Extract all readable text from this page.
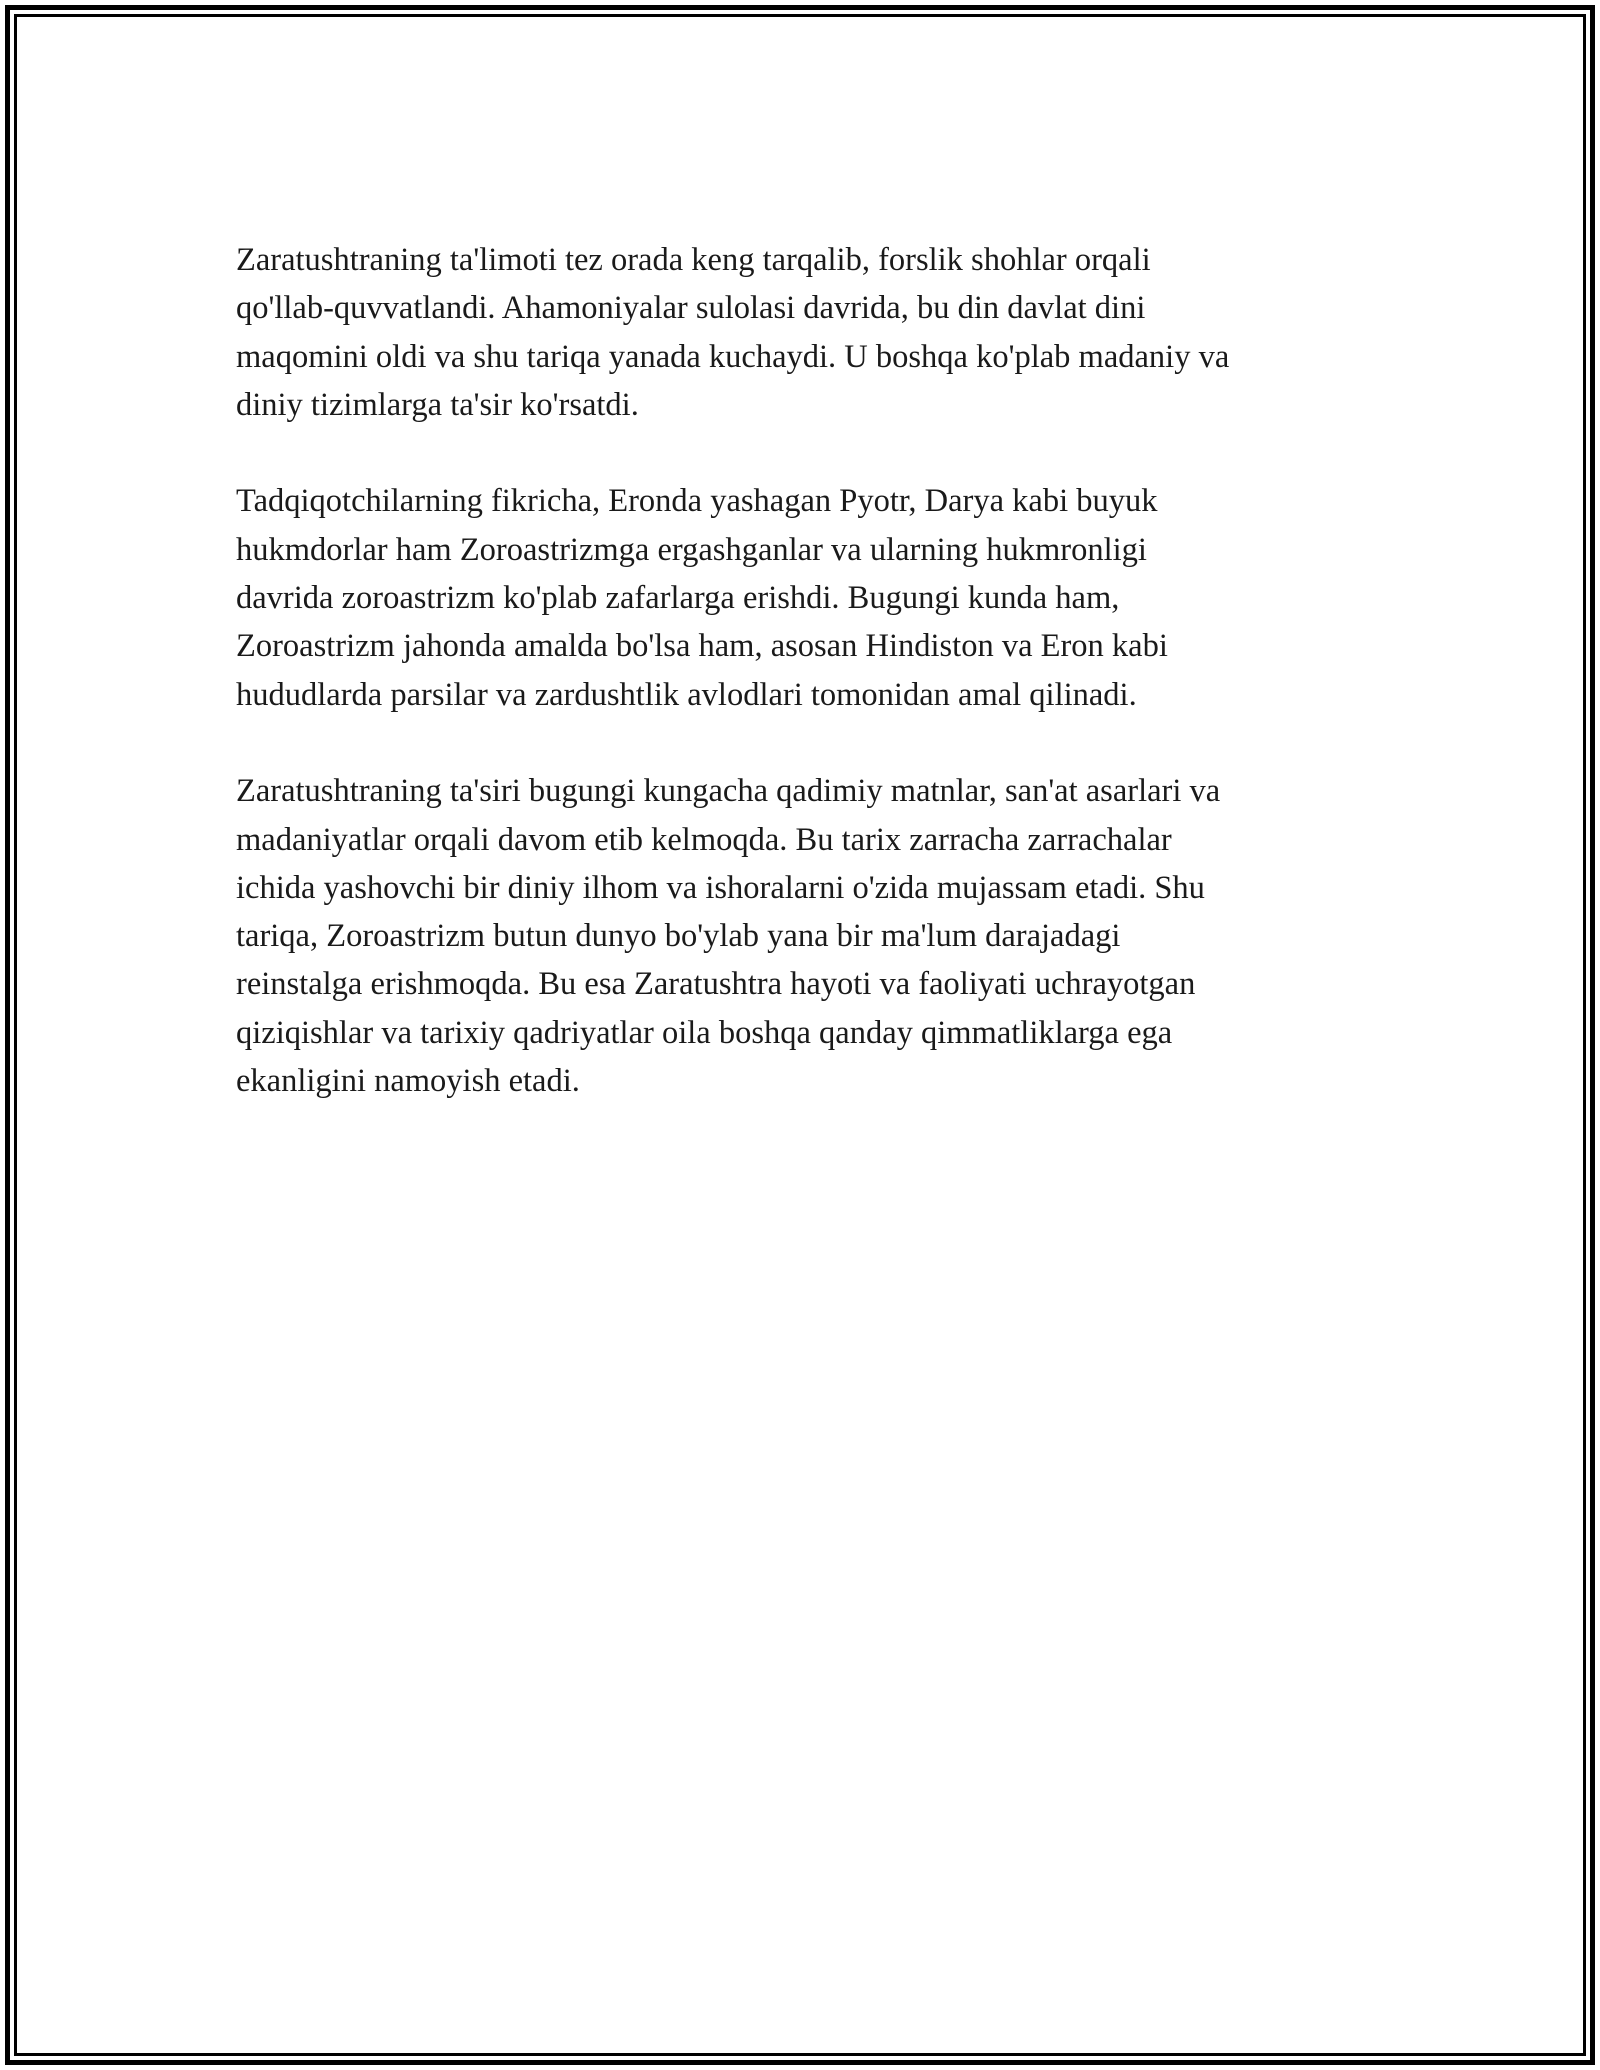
Zaratushtraning ta'limoti tez orada keng tarqalib, forslik shohlar orqali
qo'llab-quvvatlandi. Ahamoniyalar sulolasi davrida, bu din davlat dini
maqomini oldi va shu tariqa yanada kuchaydi. U boshqa ko'plab madaniy va
diniy tizimlarga ta'sir ko'rsatdi.

Tadqiqotchilarning fikricha, Eronda yashagan Pyotr, Darya kabi buyuk
hukmdorlar ham Zoroastrizmga ergashganlar va ularning hukmronligi
davrida zoroastrizm ko'plab zafarlarga erishdi. Bugungi kunda ham,
Zoroastrizm jahonda amalda bo'lsa ham, asosan Hindiston va Eron kabi
hududlarda parsilar va zardushtlik avlodlari tomonidan amal qilinadi.

Zaratushtraning ta'siri bugungi kungacha qadimiy matnlar, san'at asarlari va
madaniyatlar orqali davom etib kelmoqda. Bu tarix zarracha zarrachalar
ichida yashovchi bir diniy ilhom va ishoralarni o'zida mujassam etadi. Shu
tariqa, Zoroastrizm butun dunyo bo'ylab yana bir ma'lum darajadagi
reinstalga erishmoqda. Bu esa Zaratushtra hayoti va faoliyati uchrayotgan
qiziqishlar va tarixiy qadriyatlar oila boshqa qanday qimmatliklarga ega
ekanligini namoyish etadi.
